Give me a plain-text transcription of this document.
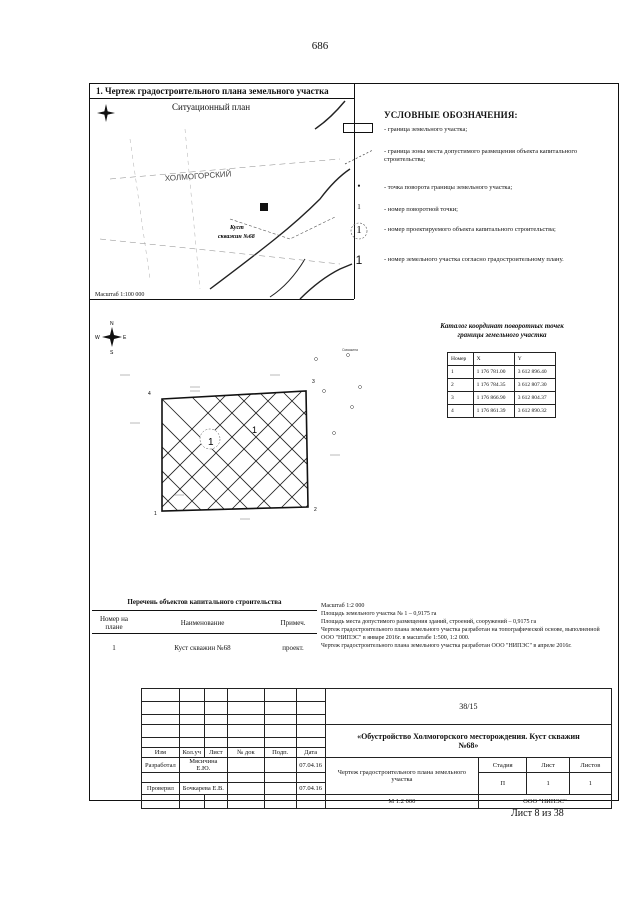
686
1. Чертеж градостроительного плана земельного участка
Ситуационный план
ХОЛМОГОРСКИЙ
Куст
скважин №68
Масштаб 1:100 000
УСЛОВНЫЕ ОБОЗНАЧЕНИЯ:
- граница земельного участка;
- граница зоны места допустимого размещения объекта капитального строительства;
•	- точка поворота границы земельного участка;
1	- номер поворотной точки;
1	- номер проектируемого объекта капитального строительства;
1	- номер земельного участка согласно градостроительному плану.
N
E
W
S
1
1
1
2
3
4
Скважина
Каталог координат поворотных точек границы земельного участка
Номер	X	Y
1	1 176 781.00	3 612 896.40
2	1 176 784.35	3 612 807.30
3	1 176 866.90	3 612 804.37
4	1 176 861.39	3 612 890.32
Перечень объектов капитального строительства
Номер на плане	Наименование	Примеч.
1	Куст скважин №68	проект.
Масштаб 1:2 000
Площадь земельного участка № 1 – 0,9175 га
Площадь места допустимого размещения зданий, строений, сооружений – 0,9175 га
Чертеж градостроительного плана земельного участка разработан на топографической основе, выполненной ООО "НИПЭС" в январе 2016г. в масштабе 1:500, 1:2 000.
Чертеж градостроительного плана земельного участка разработан ООО "НИПЭС" в апреле 2016г.
						38/15			

						«Обустройство Холмогорского месторождения. Куст скважин №68»			

Изм	Кол.уч	Лист	№ док	Подп.	Дата				
Разработал	Мясичина Е.Ю.				07.04.16	Чертеж градостроительного плана земельного участка	Стадия	Лист	Листов
							П	1	1
Проверил	Бочкарева Е.В.				07.04.16				
						М 1:2 000	ООО "НИПЭС"		
Лист 8 из 38
